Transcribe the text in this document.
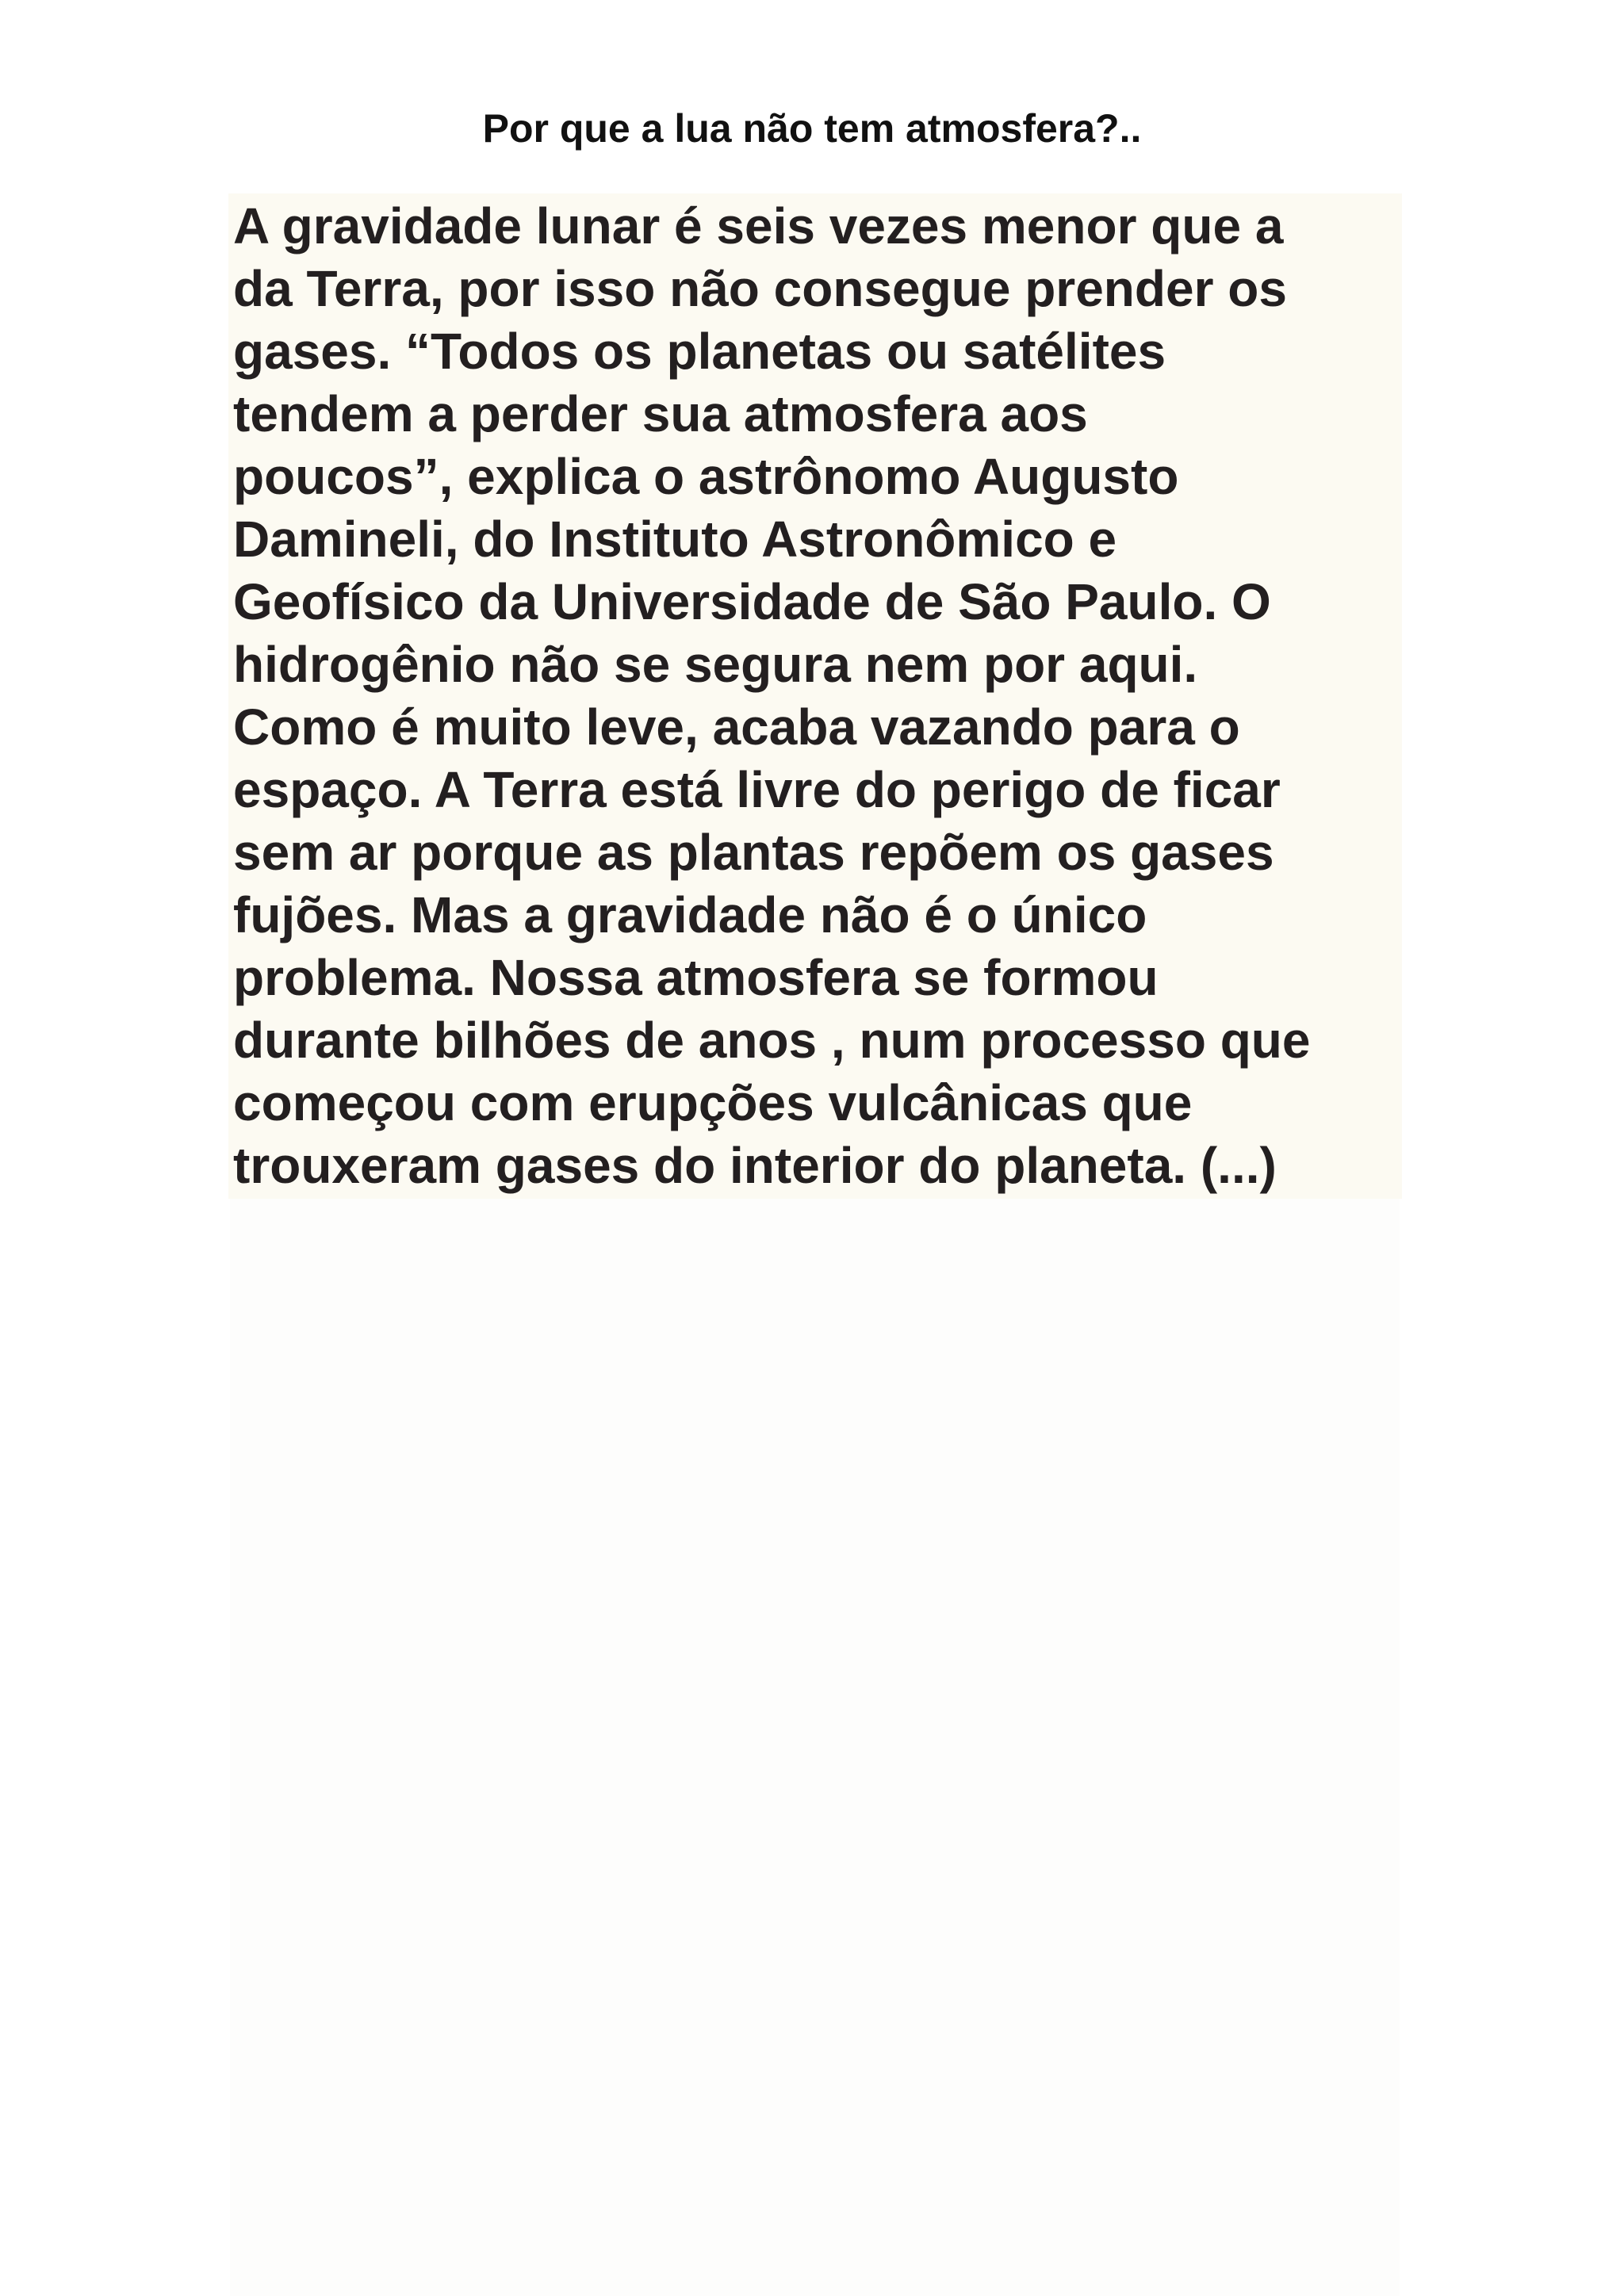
Por que a lua não tem atmosfera?..
A gravidade lunar é seis vezes menor que a
da Terra, por isso não consegue prender os
gases. “Todos os planetas ou satélites
tendem a perder sua atmosfera aos
poucos”, explica o astrônomo Augusto
Damineli, do Instituto Astronômico e
Geofísico da Universidade de São Paulo. O
hidrogênio não se segura nem por aqui.
Como é muito leve, acaba vazando para o
espaço. A Terra está livre do perigo de ficar
sem ar porque as plantas repõem os gases
fujões. Mas a gravidade não é o único
problema. Nossa atmosfera se formou
durante bilhões de anos , num processo que
começou com erupções vulcânicas que
trouxeram gases do interior do planeta. (...)
